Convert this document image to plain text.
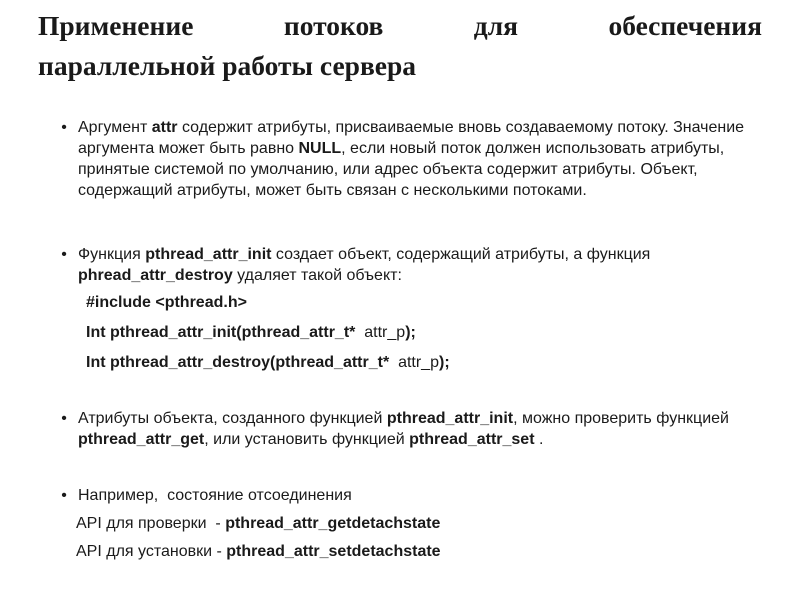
Применение	потоков	для	обеспечения
параллельной работы сервера
• Аргумент attr содержит атрибуты, присваиваемые вновь создаваемому потоку. Значение аргумента может быть равно NULL, если новый поток должен использовать атрибуты, принятые системой по умолчанию, или адрес объекта содержит атрибуты. Объект, содержащий атрибуты, может быть связан с несколькими потоками.
• Функция pthread_attr_init создает объект, содержащий атрибуты, а функция phread_attr_destroy удаляет такой объект:
#include <pthread.h>
Int pthread_attr_init(pthread_attr_t*  attr_p);
Int pthread_attr_destroy(pthread_attr_t*  attr_p);
• Атрибуты объекта, созданного функцией pthread_attr_init, можно проверить функцией pthread_attr_get, или установить функцией pthread_attr_set .
• Например,  состояние отсоединения
API для проверки  - pthread_attr_getdetachstate
API для установки - pthread_attr_setdetachstate
